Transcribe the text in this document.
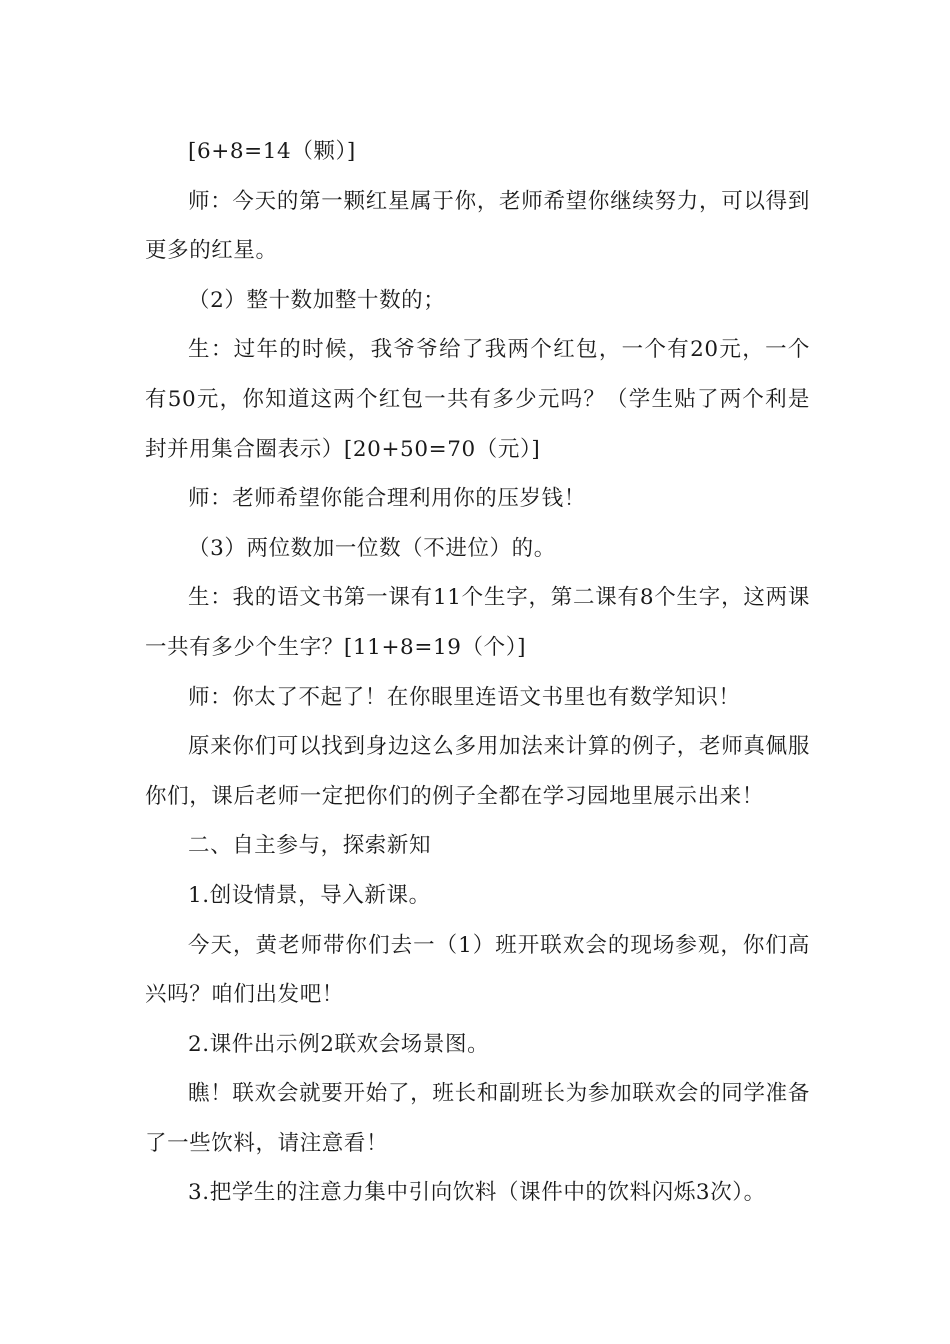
[6+8=14（颗）]

师：今天的第一颗红星属于你，老师希望你继续努力，可以得到更多的红星。

（2）整十数加整十数的；

生：过年的时候，我爷爷给了我两个红包，一个有20元，一个有50元，你知道这两个红包一共有多少元吗？（学生贴了两个利是封并用集合圈表示）[20+50=70（元）]

师：老师希望你能合理利用你的压岁钱！

（3）两位数加一位数（不进位）的。

生：我的语文书第一课有11个生字，第二课有8个生字，这两课一共有多少个生字？[11+8=19（个）]

师：你太了不起了！在你眼里连语文书里也有数学知识！

原来你们可以找到身边这么多用加法来计算的例子，老师真佩服你们，课后老师一定把你们的例子全都在学习园地里展示出来！

二、自主参与，探索新知

1.创设情景，导入新课。

今天，黄老师带你们去一（1）班开联欢会的现场参观，你们高兴吗？咱们出发吧！

2.课件出示例2联欢会场景图。

瞧！联欢会就要开始了，班长和副班长为参加联欢会的同学准备了一些饮料，请注意看！

3.把学生的注意力集中引向饮料（课件中的饮料闪烁3次）。
